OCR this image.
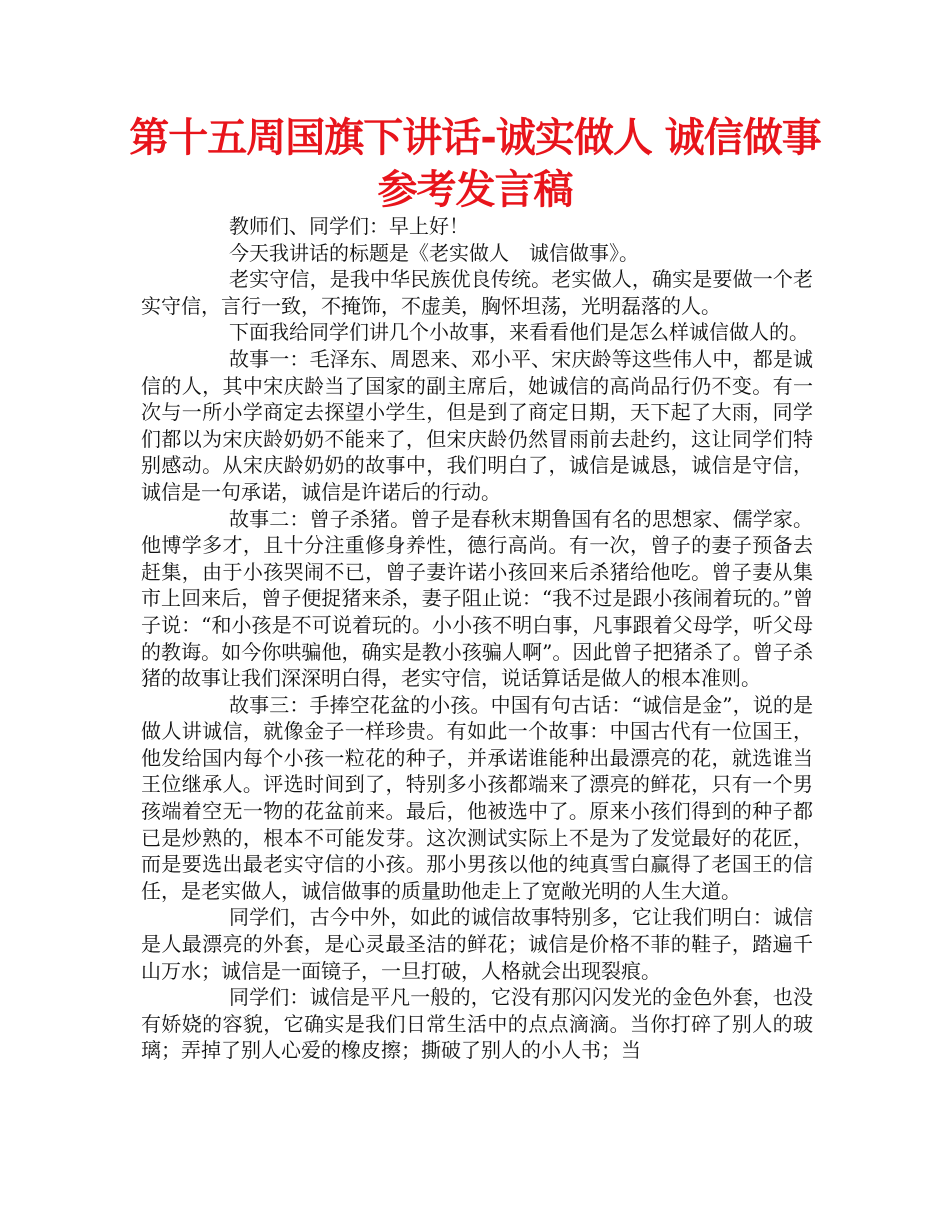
第十五周国旗下讲话-诚实做人 诚信做事参考发言稿

教师们、同学们：早上好！

今天我讲话的标题是《老实做人　诚信做事》。

老实守信，是我中华民族优良传统。老实做人，确实是要做一个老实守信，言行一致，不掩饰，不虚美，胸怀坦荡，光明磊落的人。

下面我给同学们讲几个小故事，来看看他们是怎么样诚信做人的。

故事一：毛泽东、周恩来、邓小平、宋庆龄等这些伟人中，都是诚信的人，其中宋庆龄当了国家的副主席后，她诚信的高尚品行仍不变。有一次与一所小学商定去探望小学生，但是到了商定日期，天下起了大雨，同学们都以为宋庆龄奶奶不能来了，但宋庆龄仍然冒雨前去赴约，这让同学们特别感动。从宋庆龄奶奶的故事中，我们明白了，诚信是诚恳，诚信是守信，诚信是一句承诺，诚信是许诺后的行动。

故事二：曾子杀猪。曾子是春秋末期鲁国有名的思想家、儒学家。他博学多才，且十分注重修身养性，德行高尚。有一次，曾子的妻子预备去赶集，由于小孩哭闹不已，曾子妻许诺小孩回来后杀猪给他吃。曾子妻从集市上回来后，曾子便捉猪来杀，妻子阻止说：“我不过是跟小孩闹着玩的。”曾子说：“和小孩是不可说着玩的。小小孩不明白事，凡事跟着父母学，听父母的教诲。如今你哄骗他，确实是教小孩骗人啊”。因此曾子把猪杀了。曾子杀猪的故事让我们深深明白得，老实守信，说话算话是做人的根本准则。

故事三：手捧空花盆的小孩。中国有句古话：“诚信是金”，说的是做人讲诚信，就像金子一样珍贵。有如此一个故事：中国古代有一位国王，他发给国内每个小孩一粒花的种子，并承诺谁能种出最漂亮的花，就选谁当王位继承人。评选时间到了，特别多小孩都端来了漂亮的鲜花，只有一个男孩端着空无一物的花盆前来。最后，他被选中了。原来小孩们得到的种子都已是炒熟的，根本不可能发芽。这次测试实际上不是为了发觉最好的花匠，而是要选出最老实守信的小孩。那小男孩以他的纯真雪白赢得了老国王的信任，是老实做人，诚信做事的质量助他走上了宽敞光明的人生大道。

同学们，古今中外，如此的诚信故事特别多，它让我们明白：诚信是人最漂亮的外套，是心灵最圣洁的鲜花；诚信是价格不菲的鞋子，踏遍千山万水；诚信是一面镜子，一旦打破，人格就会出现裂痕。

同学们：诚信是平凡一般的，它没有那闪闪发光的金色外套，也没有娇娆的容貌，它确实是我们日常生活中的点点滴滴。当你打碎了别人的玻璃；弄掉了别人心爱的橡皮擦；撕破了别人的小人书；当
